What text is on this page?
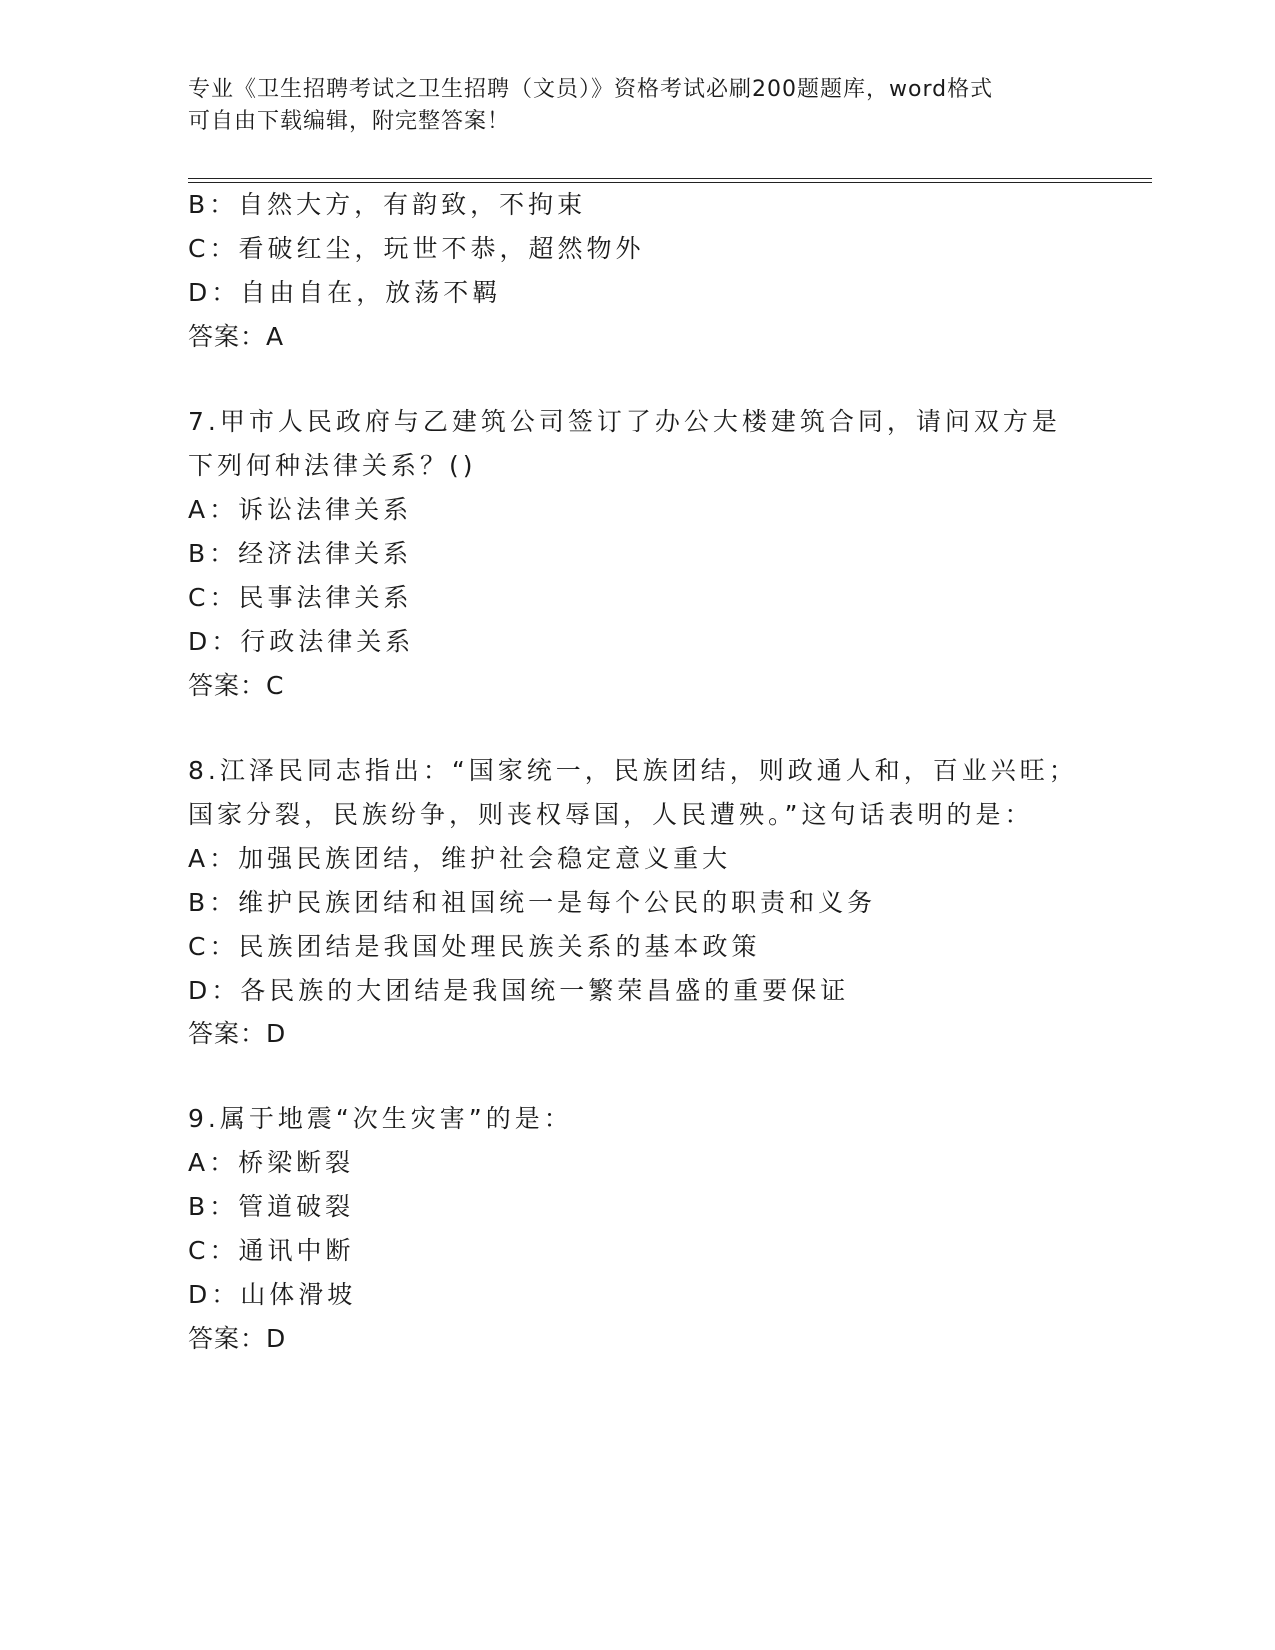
专业《卫生招聘考试之卫生招聘（文员）》资格考试必刷200题题库，word格式
可自由下载编辑，附完整答案！
B：自然大方，有韵致，不拘束
C：看破红尘，玩世不恭，超然物外
D：自由自在，放荡不羁
答案：A
7.甲市人民政府与乙建筑公司签订了办公大楼建筑合同，请问双方是
下列何种法律关系？()
A：诉讼法律关系
B：经济法律关系
C：民事法律关系
D：行政法律关系
答案：C
8.江泽民同志指出：“国家统一，民族团结，则政通人和，百业兴旺；
国家分裂，民族纷争，则丧权辱国，人民遭殃。”这句话表明的是：
A：加强民族团结，维护社会稳定意义重大
B：维护民族团结和祖国统一是每个公民的职责和义务
C：民族团结是我国处理民族关系的基本政策
D：各民族的大团结是我国统一繁荣昌盛的重要保证
答案：D
9.属于地震“次生灾害”的是：
A：桥梁断裂
B：管道破裂
C：通讯中断
D：山体滑坡
答案：D
